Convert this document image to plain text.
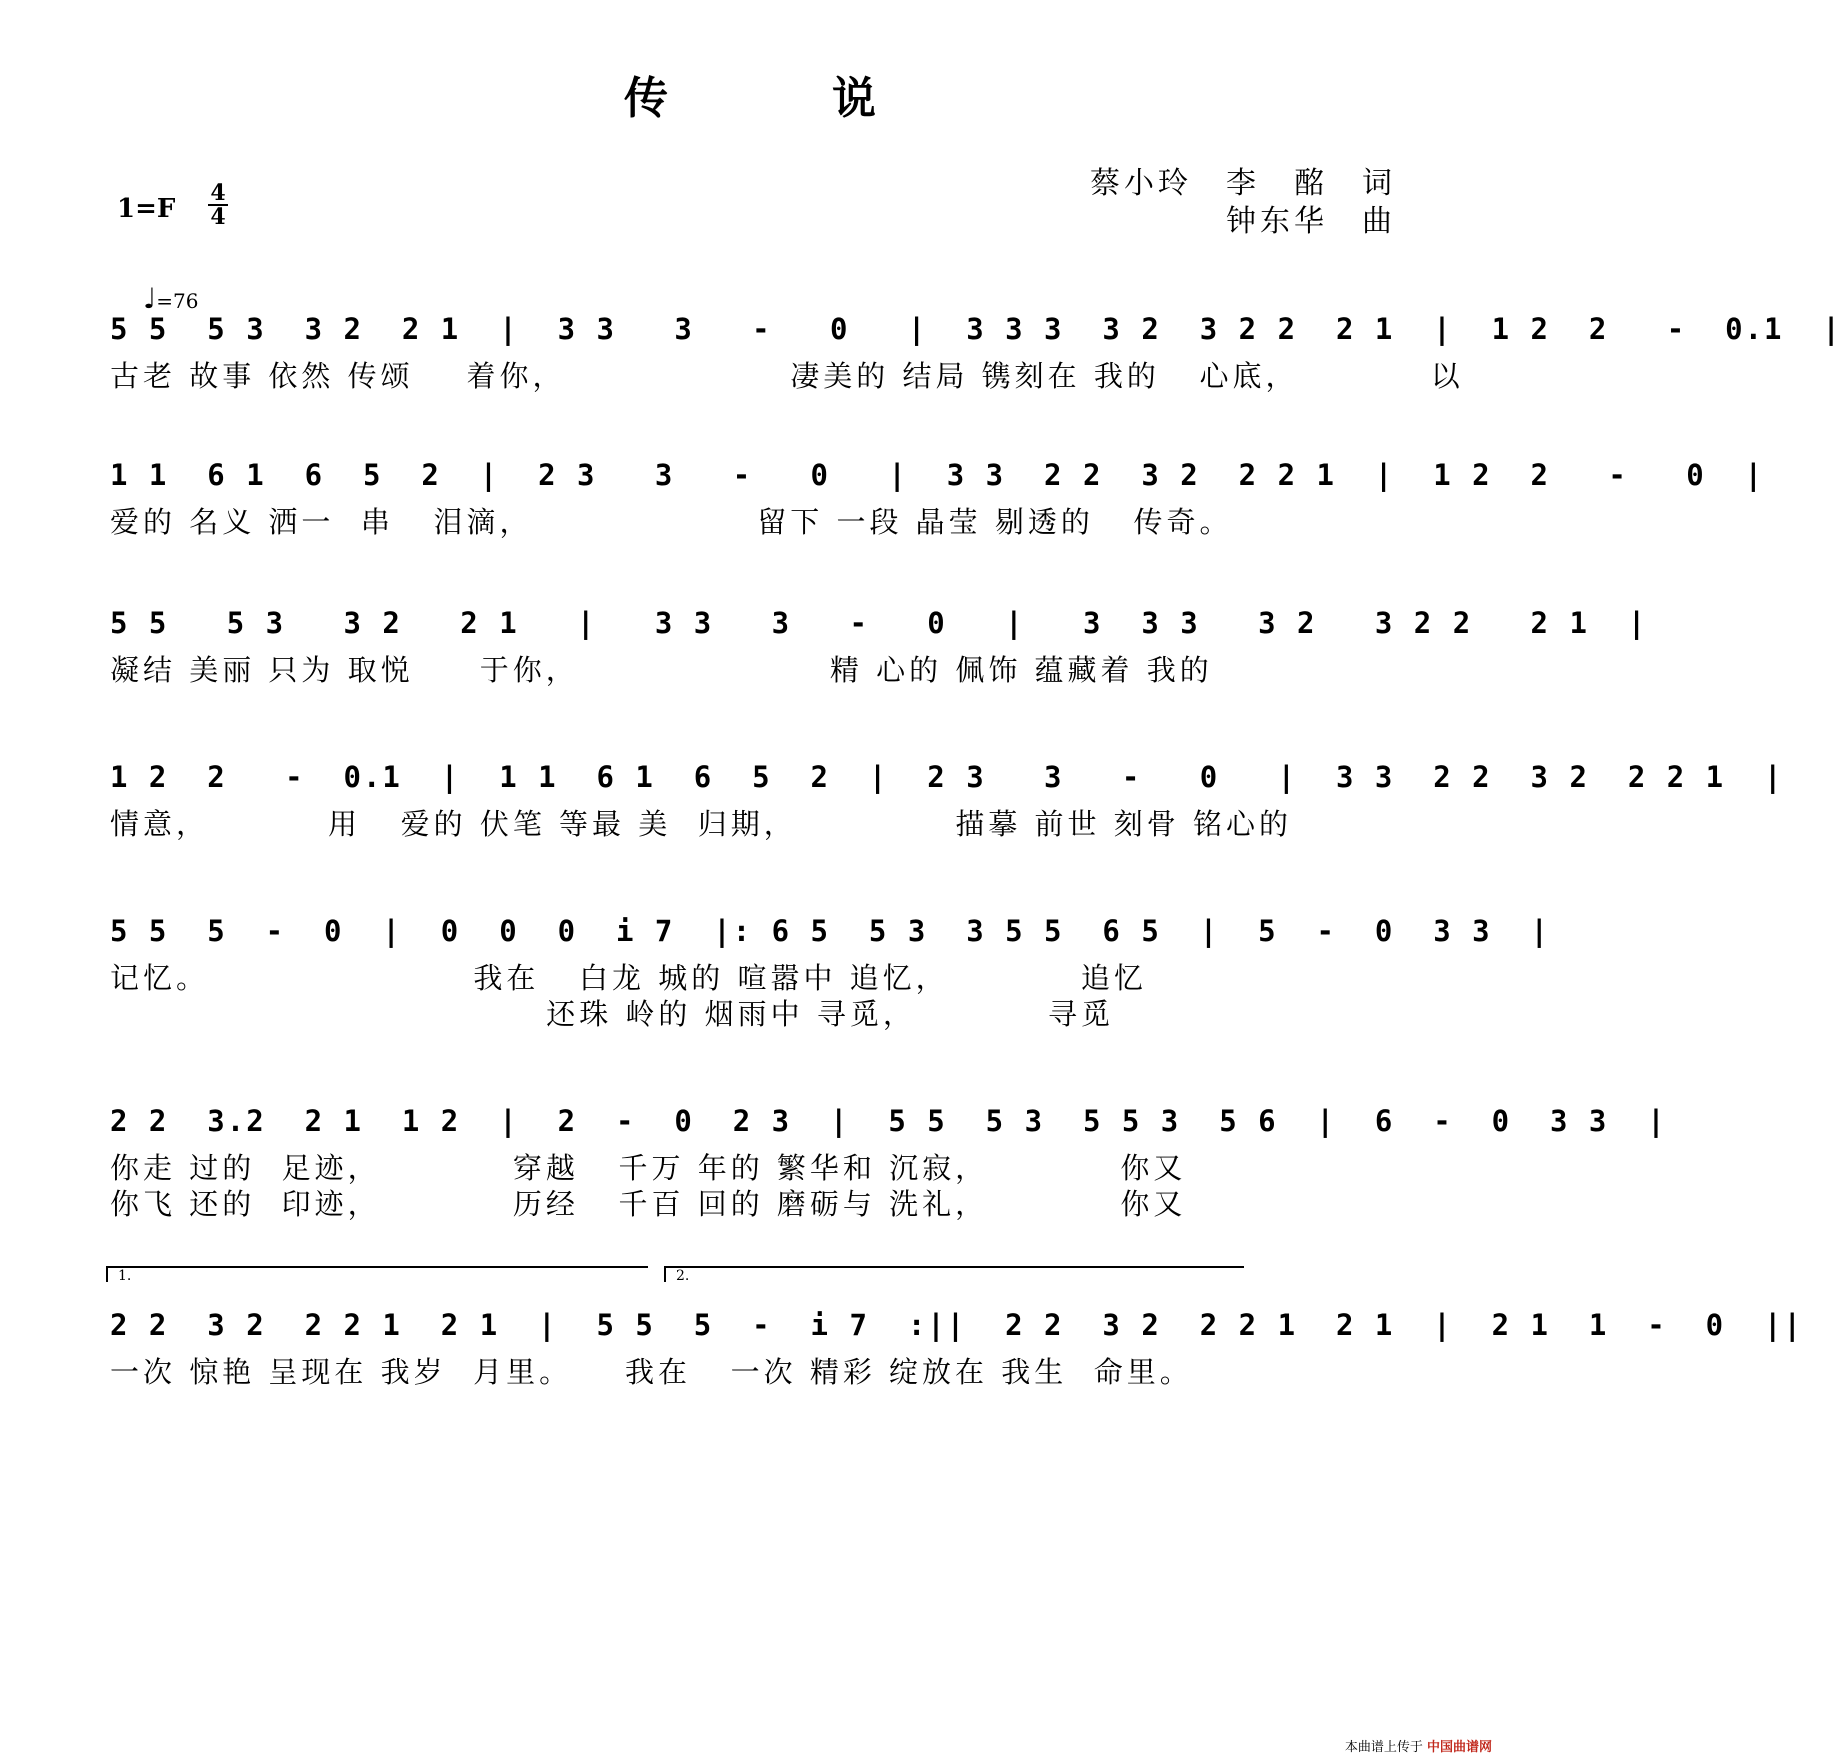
传　说
1=F
4
4
蔡小玲　李　酩　词
钟东华　曲
♩=76
5 5  5 3  3 2  2 1  |  3 3   3   -   0   |  3 3 3  3 2  3 2 2  2 1  |  1 2  2   -  0.1  |
古老 故事 依然 传颂    着你，                 凄美的 结局 镌刻在 我的   心底，          以
1 1  6 1  6  5  2  |  2 3   3   -   0   |  3 3  2 2  3 2  2 2 1  |  1 2  2   -   0  |
爱的 名义 洒一  串   泪滴，                 留下 一段 晶莹 剔透的   传奇。
5 5   5 3   3 2   2 1   |   3 3   3   -   0   |   3  3 3   3 2   3 2 2   2 1  |
凝结 美丽 只为 取悦     于你，                   精 心的 佩饰 蕴藏着 我的
1 2  2   -  0.1  |  1 1  6 1  6  5  2  |  2 3   3   -   0   |  3 3  2 2  3 2  2 2 1  |
情意，         用   爱的 伏笔 等最 美  归期，            描摹 前世 刻骨 铭心的
5 5  5  -  0  |  0  0  0  i 7  |: 6 5  5 3  3 5 5  6 5  |  5  -  0  3 3  |
记忆。                    我在   白龙 城的 喧嚣中 追忆，          追忆
还珠 岭的 烟雨中 寻觅，          寻觅
2 2  3.2  2 1  1 2  |  2  -  0  2 3  |  5 5  5 3  5 5 3  5 6  |  6  -  0  3 3  |
你走 过的  足迹，          穿越   千万 年的 繁华和 沉寂，          你又
你飞 还的  印迹，          历经   千百 回的 磨砺与 洗礼，          你又
2 2  3 2  2 2 1  2 1  |  5 5  5  -  i 7  :||  2 2  3 2  2 2 1  2 1  |  2 1  1  -  0  ||
一次 惊艳 呈现在 我岁  月里。    我在   一次 精彩 绽放在 我生  命里。
1.	2.
本曲谱上传于 中国曲谱网
